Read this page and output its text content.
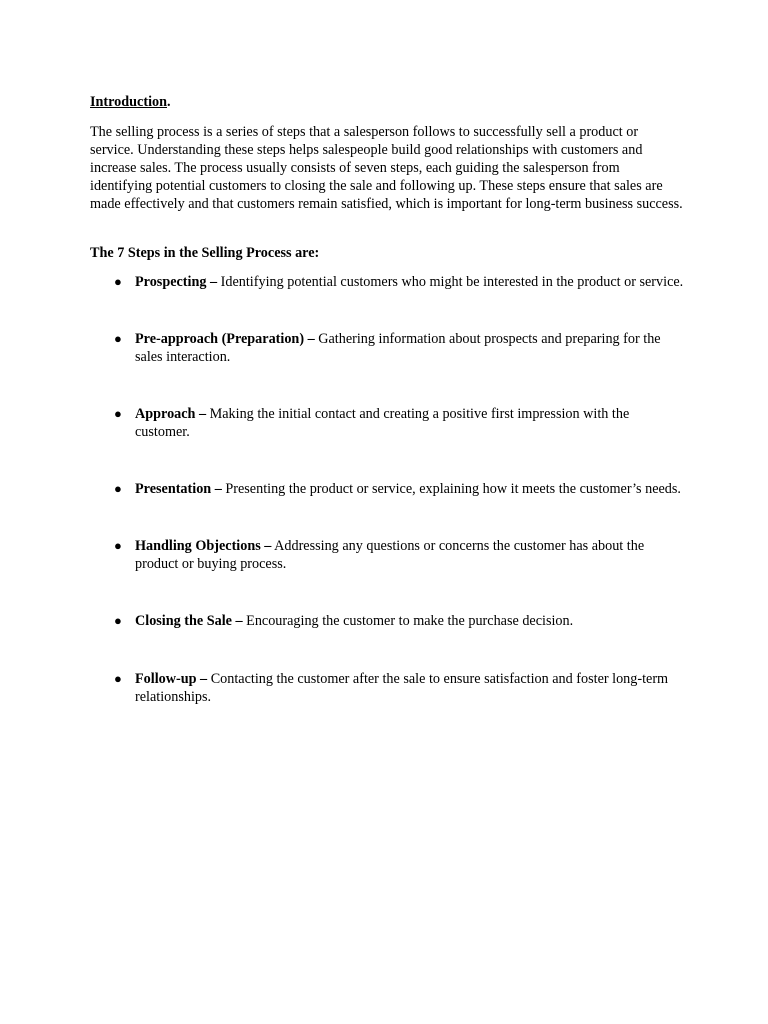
Introduction.

The selling process is a series of steps that a salesperson follows to successfully sell a product or service. Understanding these steps helps salespeople build good relationships with customers and increase sales. The process usually consists of seven steps, each guiding the salesperson from identifying potential customers to closing the sale and following up. These steps ensure that sales are made effectively and that customers remain satisfied, which is important for long-term business success.

The 7 Steps in the Selling Process are:

● Prospecting – Identifying potential customers who might be interested in the product or service.
● Pre-approach (Preparation) – Gathering information about prospects and preparing for the sales interaction.
● Approach – Making the initial contact and creating a positive first impression with the customer.
● Presentation – Presenting the product or service, explaining how it meets the customer’s needs.
● Handling Objections – Addressing any questions or concerns the customer has about the product or buying process.
● Closing the Sale – Encouraging the customer to make the purchase decision.
● Follow-up – Contacting the customer after the sale to ensure satisfaction and foster long-term relationships.
